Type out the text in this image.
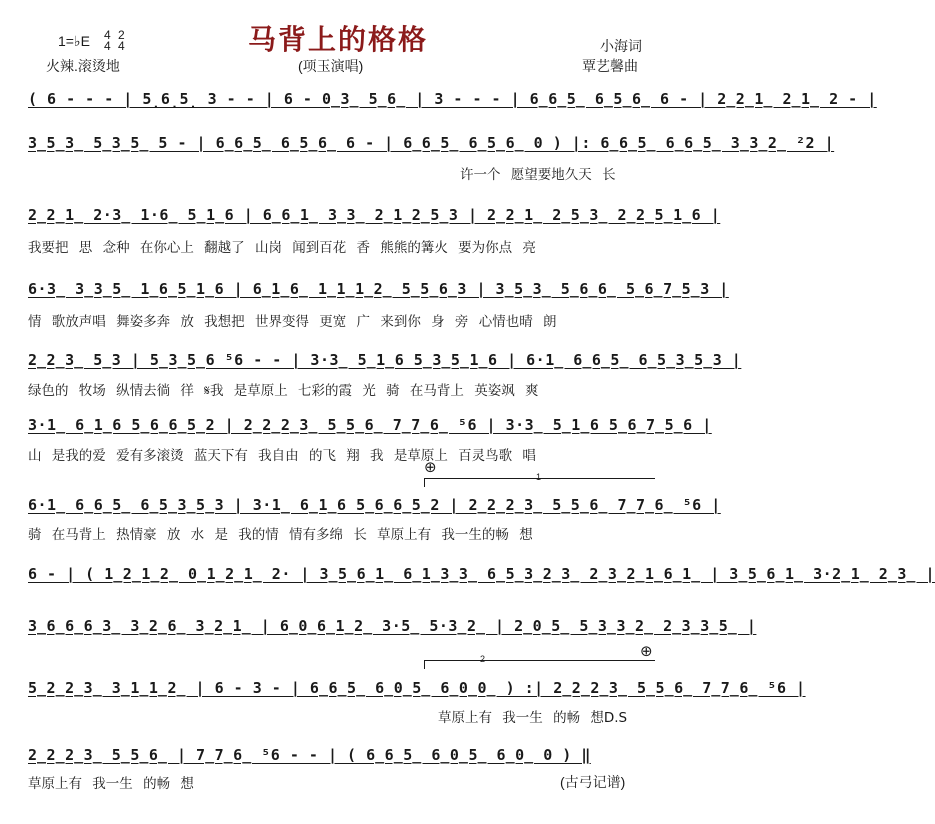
马背上的格格
1=♭E 4
4

2
4
火辣.滚烫地	(项玉演唱)
小海词
覃艺馨曲
( 6 - - - | 5̣6̣5̣ 3 - - | 6 - 0̲3̲ 5̲6̲ | 3 - - - | 6̲6̲5̲ 6̲5̲6̲ 6 - | 2̲2̲1̲ 2̲1̲ 2 - |
3̲5̲3̲ 5̲3̲5̲ 5 - | 6̲6̲5̲ 6̲5̲6̲ 6 - | 6̲6̲5̲ 6̲5̲6̲ 0 ) |: 6̲6̲5̲ 6̲6̲5̲ 3̲3̲2̲ ²2 |
许一个 愿望要地久天 长
2̲2̲1̲ 2·3̲ 1·6̲ 5̲1̲6 | 6̲6̲1̲ 3̲3̲ 2̲1̲2̲5̲3 | 2̲2̲1̲ 2̲5̲3̲ 2̲2̲5̲1̲6 |
我要把 思 念种 在你心上 翻越了 山岗 闻到百花 香 熊熊的篝火 要为你点 亮
6·3̲ 3̲3̲5̲ 1̲6̲5̲1̲6 | 6̲1̲6̲ 1̲1̲1̲2̲ 5̲5̲6̲3 | 3̲5̲3̲ 5̲6̲6̲ 5̲6̲7̲5̲3 |
情 歌放声唱 舞姿多奔 放 我想把 世界变得 更宽 广 来到你 身 旁 心情也晴 朗
2̲2̲3̲ 5̲3 | 5̲3̲5̲6 ⁵6 - - | 3·3̲ 5̲1̲6 5̲3̲5̲1̲6 | 6·1̲ 6̲6̲5̲ 6̲5̲3̲5̲3 |
绿色的 牧场 纵情去徜 徉 𝄋我 是草原上 七彩的霞 光 骑 在马背上 英姿飒 爽
3·1̲ 6̲1̲6 5̲6̲6̲5̲2 | 2̲2̲2̲3̲ 5̲5̲6̲ 7̲7̲6̲ ⁵6 | 3·3̲ 5̲1̲6 5̲6̲7̲5̲6 |
山 是我的爱 爱有多滚烫 蓝天下有 我自由 的飞 翔 我 是草原上 百灵鸟歌 唱
⊕
1
6·1̲ 6̲6̲5̲ 6̲5̲3̲5̲3 | 3·1̲ 6̲1̲6 5̲6̲6̲5̲2 | 2̲2̲2̲3̲ 5̲5̲6̲ 7̲7̲6̲ ⁵6 |
骑 在马背上 热情豪 放 水 是 我的情 情有多绵 长 草原上有 我一生的畅 想
6 - | ( 1̲2̲1̲2̲ 0̲1̲2̲1̲ 2· | 3̲5̲6̲1̲ 6̲1̲3̲3̲ 6̲5̲3̲2̲3̲ 2̲3̲2̲1̲6̲1̲ | 3̲5̲6̲1̲ 3·2̲1̲ 2̲3̲ |
3̲6̲6̲6̲3̲ 3̲2̲6̲ 3̲2̲1̲ | 6̲0̲6̲1̲2̲ 3·5̲ 5·3̲2̲ | 2̲0̲5̲ 5̲3̲3̲2̲ 2̲3̲3̲5̲ |
2	⊕
5̲2̲2̲3̲ 3̲1̲1̲2̲ | 6 - 3 - | 6̲6̲5̲ 6̲0̲5̲ 6̲0̲0̲ ) :| 2̲2̲2̲3̲ 5̲5̲6̲ 7̲7̲6̲ ⁵6 |
草原上有 我一生 的畅 想D.S
2̲2̲2̲3̲ 5̲5̲6̲ | 7̲7̲6̲ ⁵6 - - | ( 6̲6̲5̲ 6̲0̲5̲ 6̲0̲ 0 ) ‖
草原上有 我一生 的畅 想	(古弓记谱)
